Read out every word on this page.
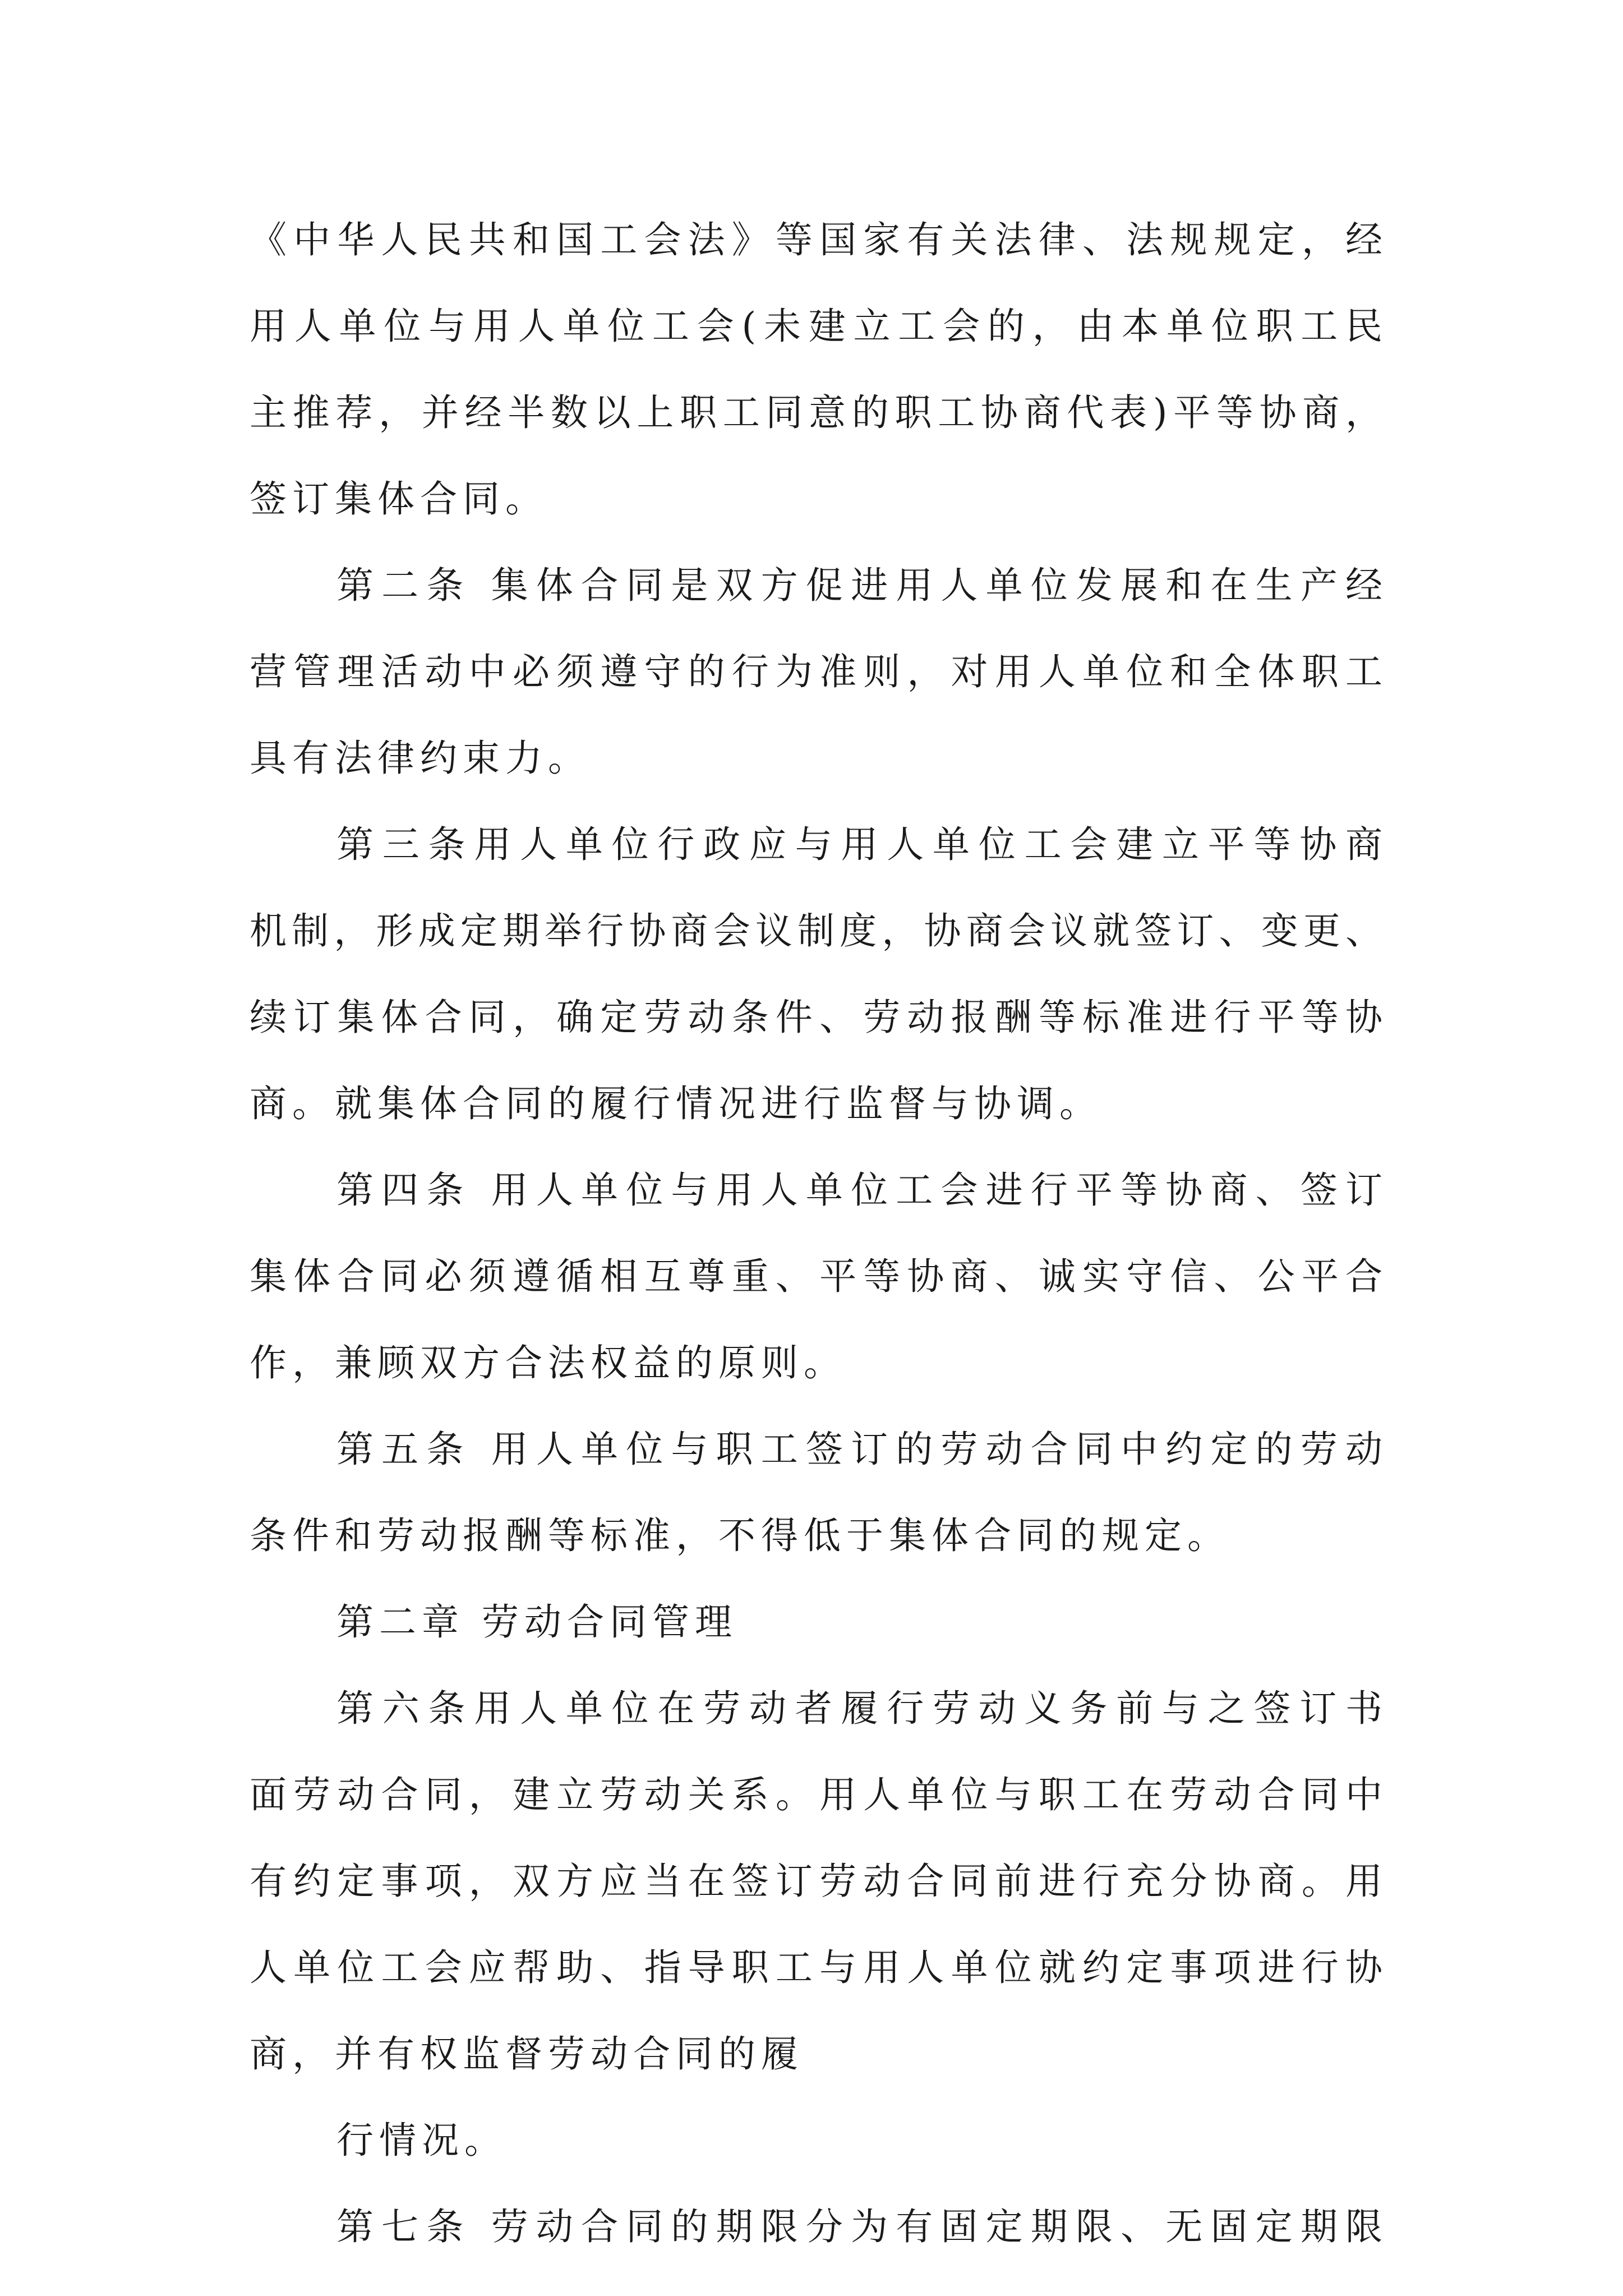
《中华人民共和国工会法》等国家有关法律、法规规定，经

用人单位与用人单位工会(未建立工会的，由本单位职工民

主推荐，并经半数以上职工同意的职工协商代表)平等协商，

签订集体合同。

第二条 集体合同是双方促进用人单位发展和在生产经

营管理活动中必须遵守的行为准则，对用人单位和全体职工

具有法律约束力。

第三条用人单位行政应与用人单位工会建立平等协商

机制，形成定期举行协商会议制度，协商会议就签订、变更、

续订集体合同，确定劳动条件、劳动报酬等标准进行平等协

商。就集体合同的履行情况进行监督与协调。

第四条 用人单位与用人单位工会进行平等协商、签订

集体合同必须遵循相互尊重、平等协商、诚实守信、公平合

作，兼顾双方合法权益的原则。

第五条 用人单位与职工签订的劳动合同中约定的劳动

条件和劳动报酬等标准，不得低于集体合同的规定。

第二章 劳动合同管理

第六条用人单位在劳动者履行劳动义务前与之签订书

面劳动合同，建立劳动关系。用人单位与职工在劳动合同中

有约定事项，双方应当在签订劳动合同前进行充分协商。用

人单位工会应帮助、指导职工与用人单位就约定事项进行协

商，并有权监督劳动合同的履

行情况。

第七条 劳动合同的期限分为有固定期限、无固定期限
